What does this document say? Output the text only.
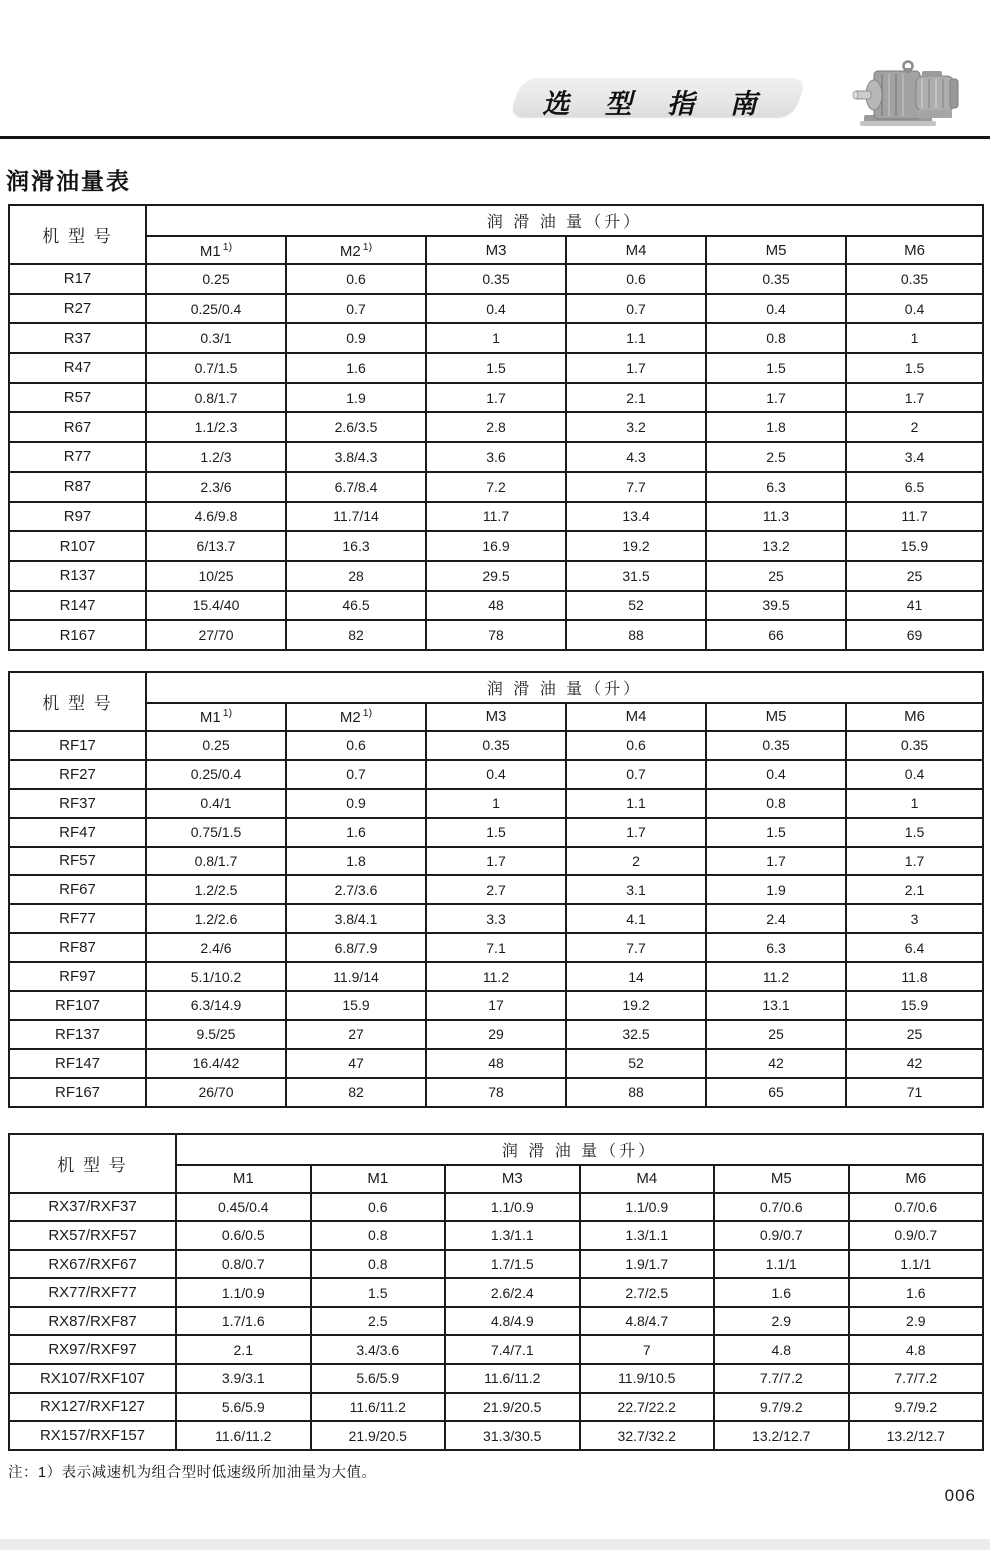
选 型 指 南
润滑油量表
机 型 号	润 滑 油 量（升）					
	M1 $^{1)}$	M2 $^{1)}$	M3	M4	M5	M6
R17	0.25	0.6	0.35	0.6	0.35	0.35
R27	0.25/0.4	0.7	0.4	0.7	0.4	0.4
R37	0.3/1	0.9	1	1.1	0.8	1
R47	0.7/1.5	1.6	1.5	1.7	1.5	1.5
R57	0.8/1.7	1.9	1.7	2.1	1.7	1.7
R67	1.1/2.3	2.6/3.5	2.8	3.2	1.8	2
R77	1.2/3	3.8/4.3	3.6	4.3	2.5	3.4
R87	2.3/6	6.7/8.4	7.2	7.7	6.3	6.5
R97	4.6/9.8	11.7/14	11.7	13.4	11.3	11.7
R107	6/13.7	16.3	16.9	19.2	13.2	15.9
R137	10/25	28	29.5	31.5	25	25
R147	15.4/40	46.5	48	52	39.5	41
R167	27/70	82	78	88	66	69
机 型 号	润 滑 油 量（升）					
	M1 $^{1)}$	M2 $^{1)}$	M3	M4	M5	M6
RF17	0.25	0.6	0.35	0.6	0.35	0.35
RF27	0.25/0.4	0.7	0.4	0.7	0.4	0.4
RF37	0.4/1	0.9	1	1.1	0.8	1
RF47	0.75/1.5	1.6	1.5	1.7	1.5	1.5
RF57	0.8/1.7	1.8	1.7	2	1.7	1.7
RF67	1.2/2.5	2.7/3.6	2.7	3.1	1.9	2.1
RF77	1.2/2.6	3.8/4.1	3.3	4.1	2.4	3
RF87	2.4/6	6.8/7.9	7.1	7.7	6.3	6.4
RF97	5.1/10.2	11.9/14	11.2	14	11.2	11.8
RF107	6.3/14.9	15.9	17	19.2	13.1	15.9
RF137	9.5/25	27	29	32.5	25	25
RF147	16.4/42	47	48	52	42	42
RF167	26/70	82	78	88	65	71
机 型 号	润 滑 油 量（升）					
	M1	M1	M3	M4	M5	M6
RX37/RXF37	0.45/0.4	0.6	1.1/0.9	1.1/0.9	0.7/0.6	0.7/0.6
RX57/RXF57	0.6/0.5	0.8	1.3/1.1	1.3/1.1	0.9/0.7	0.9/0.7
RX67/RXF67	0.8/0.7	0.8	1.7/1.5	1.9/1.7	1.1/1	1.1/1
RX77/RXF77	1.1/0.9	1.5	2.6/2.4	2.7/2.5	1.6	1.6
RX87/RXF87	1.7/1.6	2.5	4.8/4.9	4.8/4.7	2.9	2.9
RX97/RXF97	2.1	3.4/3.6	7.4/7.1	7	4.8	4.8
RX107/RXF107	3.9/3.1	5.6/5.9	11.6/11.2	11.9/10.5	7.7/7.2	7.7/7.2
RX127/RXF127	5.6/5.9	11.6/11.2	21.9/20.5	22.7/22.2	9.7/9.2	9.7/9.2
RX157/RXF157	11.6/11.2	21.9/20.5	31.3/30.5	32.7/32.2	13.2/12.7	13.2/12.7
注：1）表示减速机为组合型时低速级所加油量为大值。
006
